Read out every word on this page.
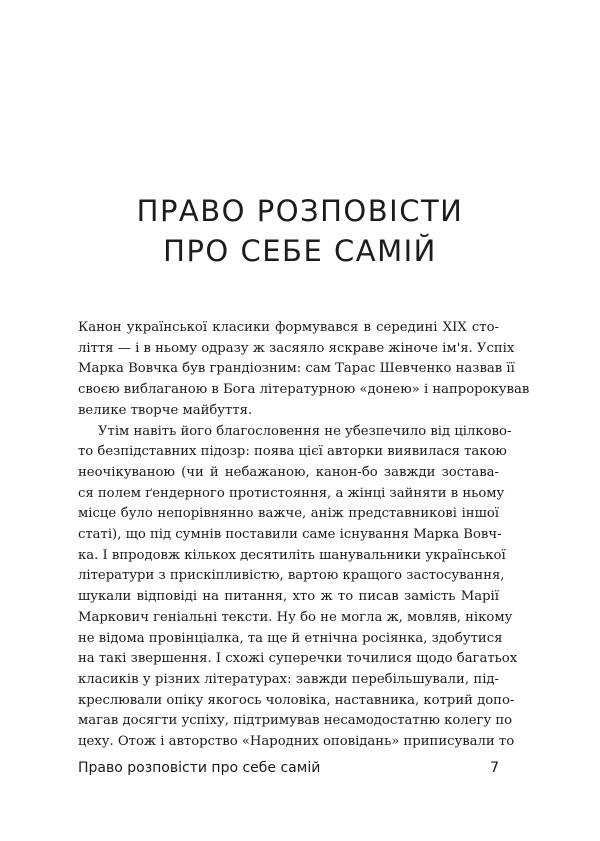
ПРАВО РОЗПОВІСТИ
ПРО СЕБЕ САМІЙ
Канон української класики формувався в середині XIX сто-
ліття — і в ньому одразу ж засяяло яскраве жіноче ім'я. Успіх
Марка Вовчка був грандіозним: сам Тарас Шевченко назвав її
своєю виблаганою в Бога літературною «донею» і напророкував
велике творче майбуття.
Утім навіть його благословення не убезпечило від цілково-
то безпідставних підозр: поява цієї авторки виявилася такою
неочікуваною (чи й небажаною, канон-бо завжди зостава-
ся полем ґендерного протистояння, а жінці зайняти в ньому
місце було непорівнянно важче, аніж представникові іншої
статі), що під сумнів поставили саме існування Марка Вовч-
ка. І впродовж кількох десятиліть шанувальники української
літератури з прискіпливістю, вартою кращого застосування,
шукали відповіді на питання, хто ж то писав замість Марії
Маркович геніальні тексти. Ну бо не могла ж, мовляв, нікому
не відома провінціалка, та ще й етнічна росіянка, здобутися
на такі звершення. І схожі суперечки точилися щодо багатьох
класиків у різних літературах: завжди перебільшували, під-
креслювали опіку якогось чоловіка, наставника, котрий допо-
магав досягти успіху, підтримував несамодостатню колегу по
цеху. Отож і авторство «Народних оповідань» приписували то
Право розповісти про себе самій	7
